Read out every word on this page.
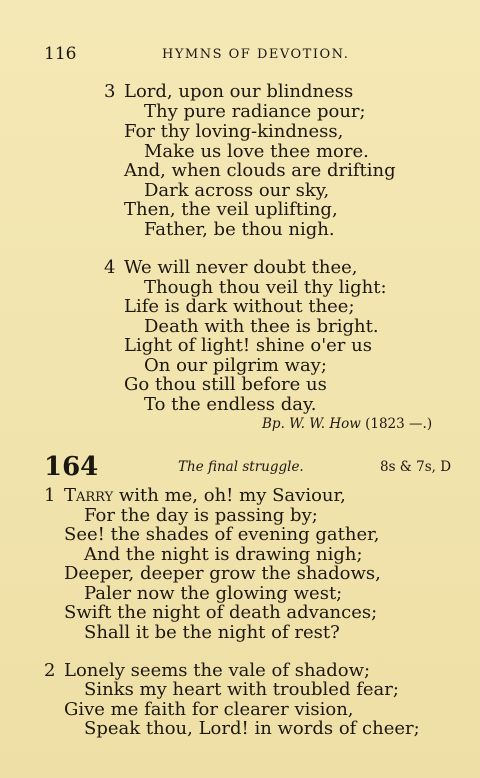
116	HYMNS OF DEVOTION.
3 Lord, upon our blindness
Thy pure radiance pour;
For thy loving-kindness,
Make us love thee more.
And, when clouds are drifting
Dark across our sky,
Then, the veil uplifting,
Father, be thou nigh.
4 We will never doubt thee,
Though thou veil thy light:
Life is dark without thee;
Death with thee is bright.
Light of light! shine o'er us
On our pilgrim way;
Go thou still before us
To the endless day.
Bp. W. W. How (1823 —.)
164	The final struggle.	8s & 7s, D
1 Tarry with me, oh! my Saviour,
For the day is passing by;
See! the shades of evening gather,
And the night is drawing nigh;
Deeper, deeper grow the shadows,
Paler now the glowing west;
Swift the night of death advances;
Shall it be the night of rest?
2 Lonely seems the vale of shadow;
Sinks my heart with troubled fear;
Give me faith for clearer vision,
Speak thou, Lord! in words of cheer;
